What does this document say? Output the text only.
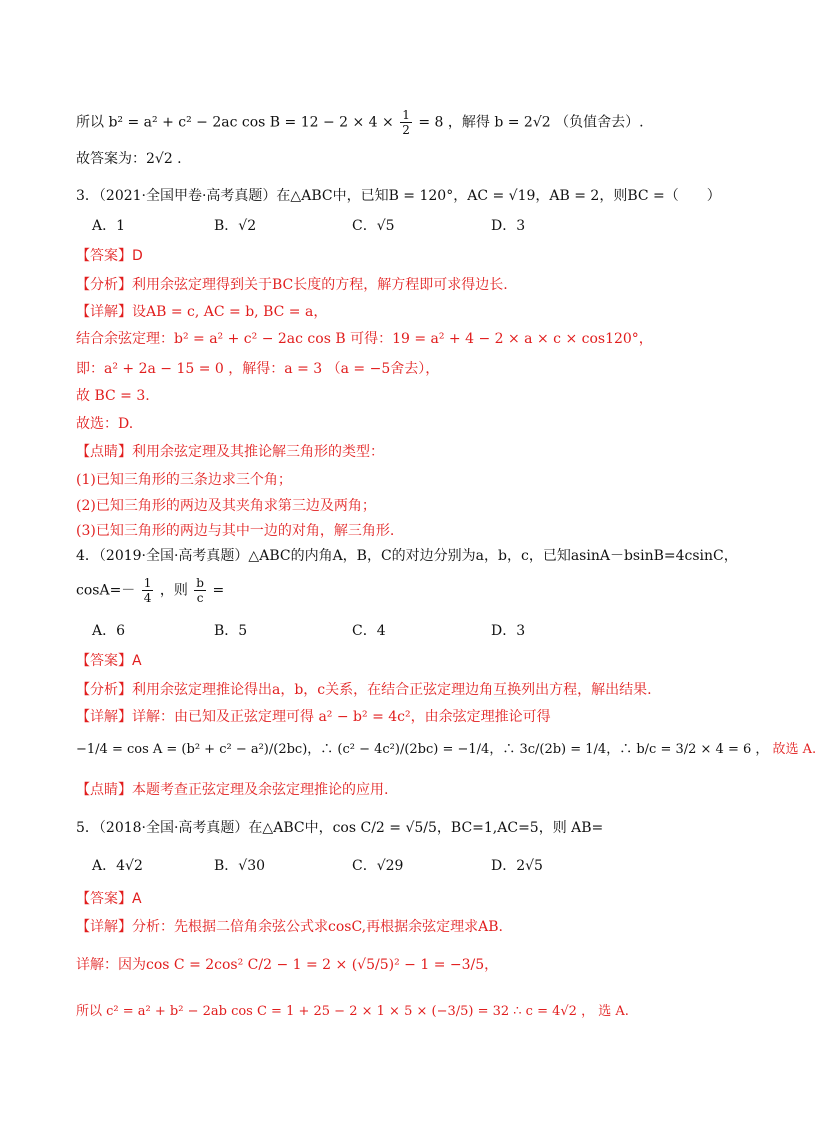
所以 b² = a² + c² − 2ac $\cos B = 12 - 2 \times 4 \times \frac{1}{2} = 8$ ，解得 b = 2√2 （负值舍去）.
故答案为：2√2 .
3．（2021·全国甲卷·高考真题）在△ABC中，已知B = 120°，AC = √19，AB = 2，则BC =（　　）
A．1	B．√2	C．√5	D．3
【答案】D
【分析】利用余弦定理得到关于BC长度的方程，解方程即可求得边长.
【详解】设AB = c, AC = b, BC = a，
结合余弦定理：b² = a² + c² − 2ac cos B 可得：19 = a² + 4 − 2 × a × c × cos120°，
即：a² + 2a − 15 = 0 ，解得：a = 3 （a = −5舍去），
故 BC = 3.
故选：D.
【点睛】利用余弦定理及其推论解三角形的类型：
(1)已知三角形的三条边求三个角；
(2)已知三角形的两边及其夹角求第三边及两角；
(3)已知三角形的两边与其中一边的对角，解三角形.
4．（2019·全国·高考真题）△ABC的内角A，B，C的对边分别为a，b，c，已知asinA－bsinB=4csinC，
$\cos A=- \frac{1}{4}$ ，则 $\frac{b}{c}$ =
A．6	B．5	C．4	D．3
【答案】A
【分析】利用余弦定理推论得出a，b，c关系，在结合正弦定理边角互换列出方程，解出结果.
【详解】详解：由已知及正弦定理可得 a² − b² = 4c²，由余弦定理推论可得
−1/4 = cos A = (b² + c² − a²)/(2bc)，∴ (c² − 4c²)/(2bc) = −1/4，∴ 3c/(2b) = 1/4，∴ b/c = 3/2 × 4 = 6 ， 故选 A.
【点睛】本题考查正弦定理及余弦定理推论的应用.
5．（2018·全国·高考真题）在△ABC中，cos C/2 = √5/5，BC=1,AC=5，则 AB=
A．4√2	B．√30	C．√29	D．2√5
【答案】A
【详解】分析：先根据二倍角余弦公式求cosC,再根据余弦定理求AB.
详解：因为cos C = 2cos² C/2 − 1 = 2 × (√5/5)² − 1 = −3/5，
所以 c² = a² + b² − 2ab cos C = 1 + 25 − 2 × 1 × 5 × (−3/5) = 32 ∴ c = 4√2 ， 选 A.
